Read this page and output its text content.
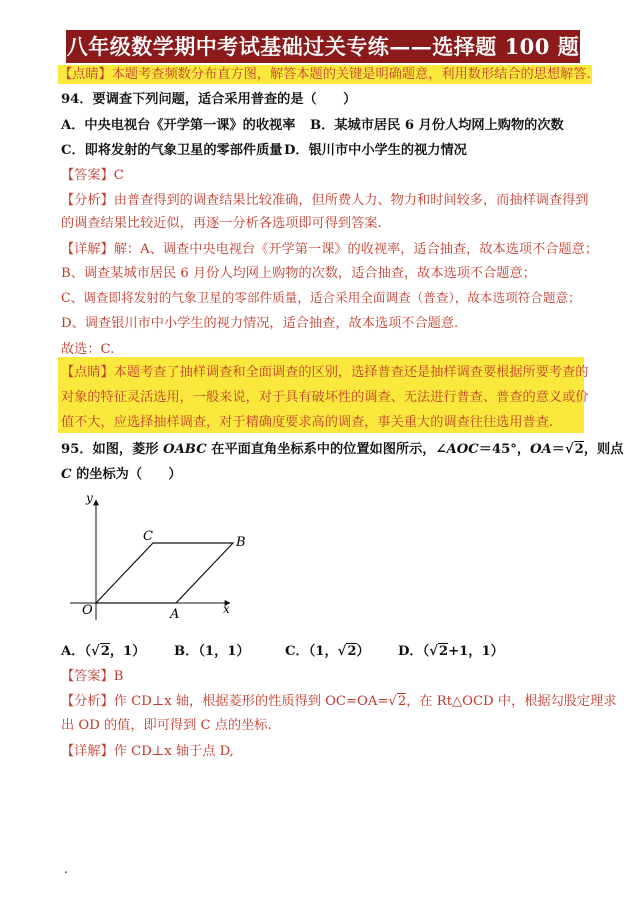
八年级数学期中考试基础过关专练——选择题 100 题
【点睛】本题考查频数分布直方图，解答本题的关键是明确题意，利用数形结合的思想解答.
94．要调查下列问题，适合采用普查的是（　　）
A．中央电视台《开学第一课》的收视率 B．某城市居民 6 月份人均网上购物的次数
C．即将发射的气象卫星的零部件质量 D．银川市中小学生的视力情况
【答案】C
【分析】由普查得到的调查结果比较准确，但所费人力、物力和时间较多，而抽样调查得到
的调查结果比较近似，再逐一分析各选项即可得到答案.
【详解】解：A、调查中央电视台《开学第一课》的收视率，适合抽查，故本选项不合题意；
B、调查某城市居民 6 月份人均网上购物的次数，适合抽查，故本选项不合题意；
C、调查即将发射的气象卫星的零部件质量，适合采用全面调查（普查），故本选项符合题意；
D、调查银川市中小学生的视力情况，适合抽查，故本选项不合题意.
故选：C.
【点睛】本题考查了抽样调查和全面调查的区别，选择普查还是抽样调查要根据所要考查的
对象的特征灵活选用，一般来说，对于具有破坏性的调查、无法进行普查、普查的意义或价
值不大，应选择抽样调查，对于精确度要求高的调查，事关重大的调查往往选用普查.
95．如图，菱形 OABC 在平面直角坐标系中的位置如图所示，∠AOC＝45°，OA＝√2，则点
C 的坐标为（　　）
y
x
O	A
B
C
A．（√2，1） B．（1，1）	C．（1，√2） D．（√2+1，1）
【答案】B
【分析】作 CD⊥x 轴，根据菱形的性质得到 OC=OA=√2，在 Rt△OCD 中，根据勾股定理求
出 OD 的值，即可得到 C 点的坐标.
【详解】作 CD⊥x 轴于点 D,
.
